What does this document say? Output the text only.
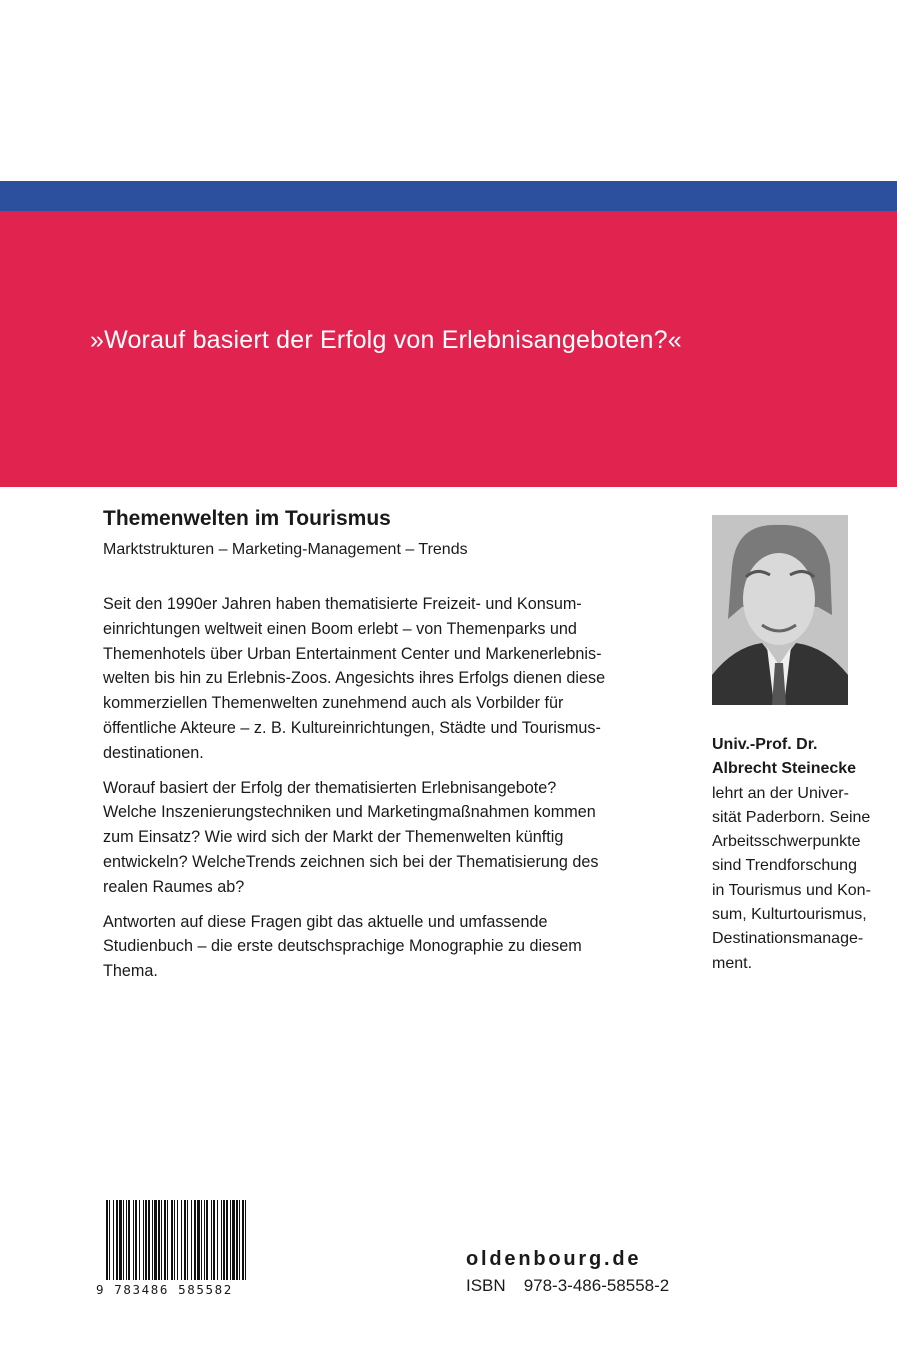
»Worauf basiert der Erfolg von Erlebnisangeboten?«
Themenwelten im Tourismus
Marktstrukturen – Marketing-Management – Trends
Seit den 1990er Jahren haben thematisierte Freizeit- und Konsum-
einrichtungen weltweit einen Boom erlebt – von Themenparks und
Themenhotels über Urban Entertainment Center und Markenerlebnis-
welten bis hin zu Erlebnis-Zoos. Angesichts ihres Erfolgs dienen diese
kommerziellen Themenwelten zunehmend auch als Vorbilder für
öffentliche Akteure – z. B. Kultureinrichtungen, Städte und Tourismus-
destinationen.
Worauf basiert der Erfolg der thematisierten Erlebnisangebote?
Welche Inszenierungstechniken und Marketingmaßnahmen kommen
zum Einsatz? Wie wird sich der Markt der Themenwelten künftig
entwickeln? WelcheTrends zeichnen sich bei der Thematisierung des
realen Raumes ab?
Antworten auf diese Fragen gibt das aktuelle und umfassende
Studienbuch – die erste deutschsprachige Monographie zu diesem
Thema.
Univ.-Prof. Dr.
Albrecht Steinecke
lehrt an der Univer-
sität Paderborn. Seine
Arbeitsschwerpunkte
sind Trendforschung
in Tourismus und Kon-
sum, Kulturtourismus,
Destinationsmanage-
ment.
9 783486 585582
oldenbourg.de
ISBN 978-3-486-58558-2
